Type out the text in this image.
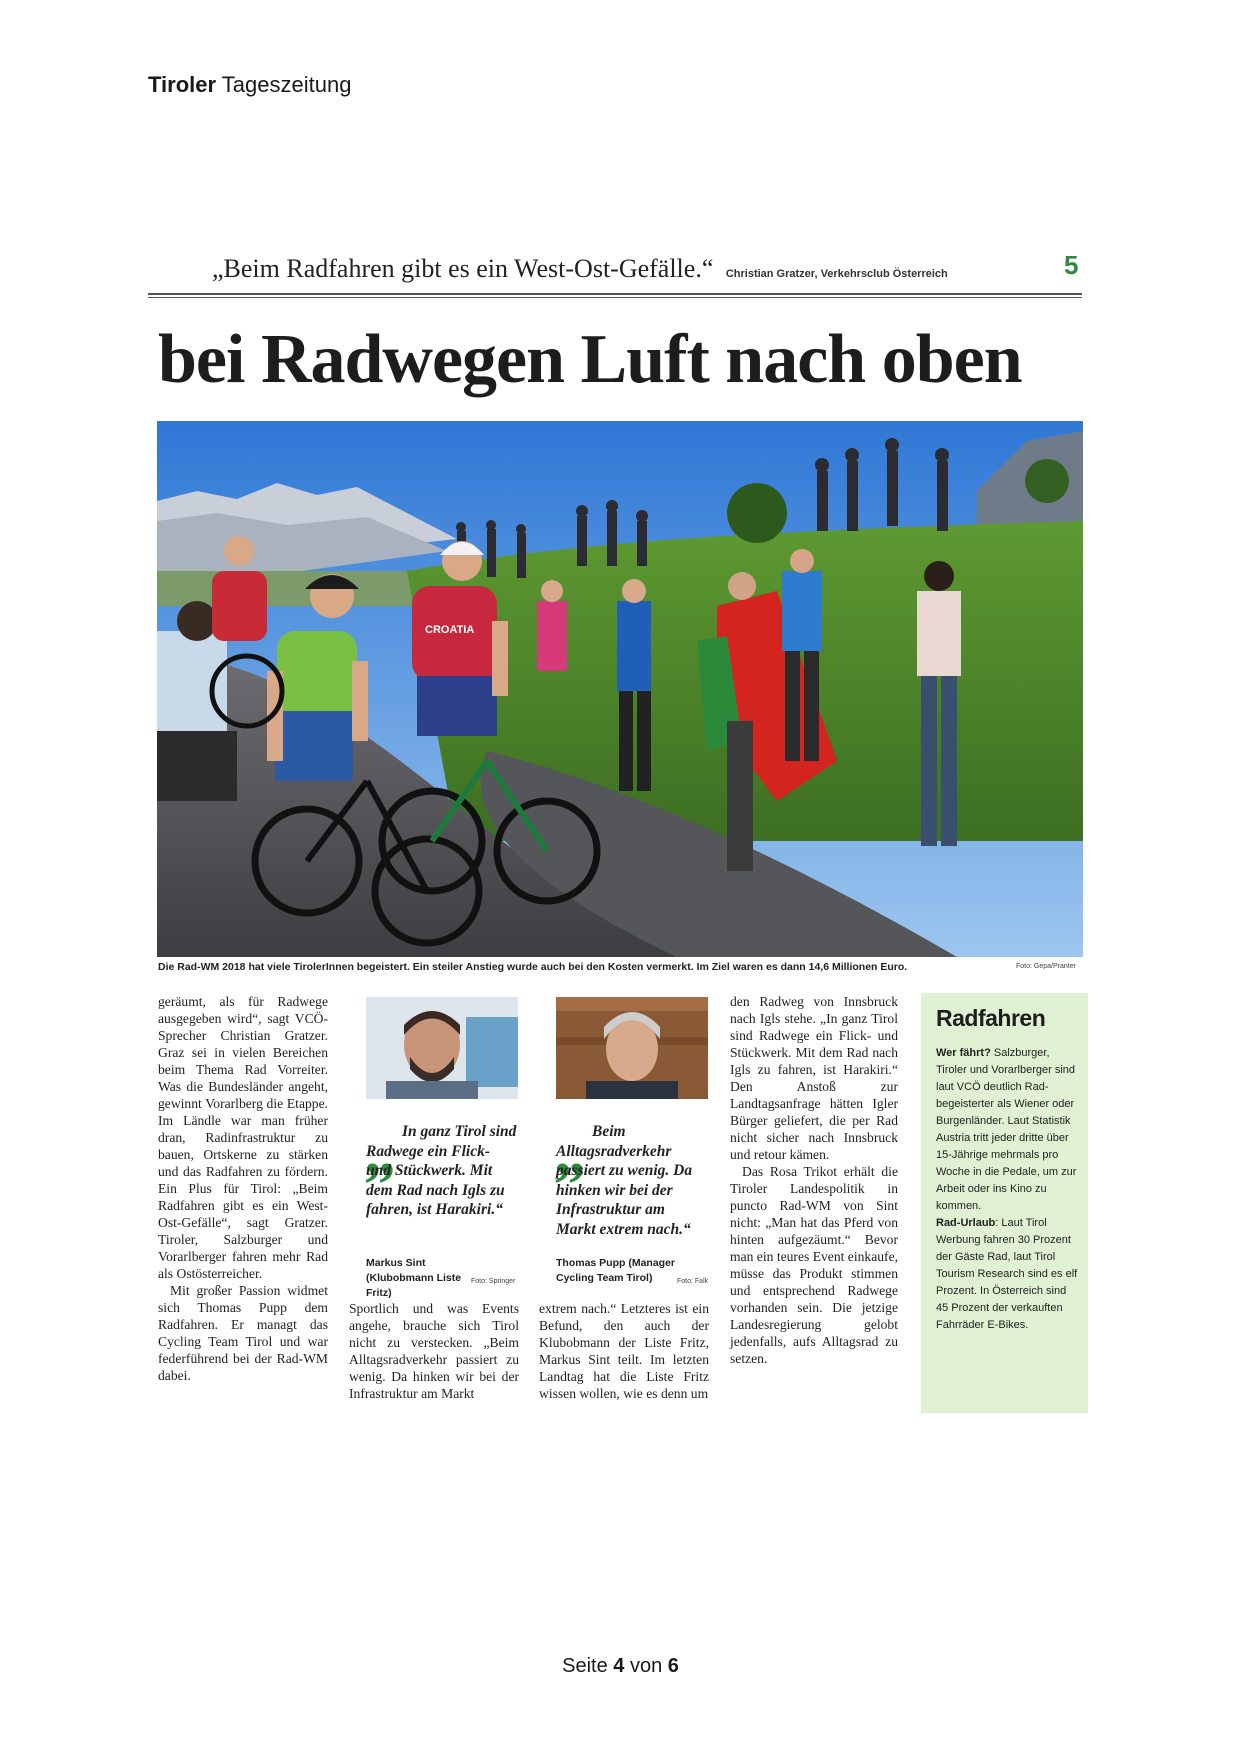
Tiroler Tageszeitung
„Beim Radfahren gibt es ein West-Ost-Gefälle.“ Christian Gratzer, Verkehrsclub Österreich	5
bei Radwegen Luft nach oben
CROATIA
Die Rad-WM 2018 hat viele TirolerInnen begeistert. Ein steiler Anstieg wurde auch bei den Kosten vermerkt. Im Ziel waren es dann 14,6 Millionen Euro.	Foto: Gepa/Pranter

geräumt, als für Radwege ausgegeben wird“, sagt VCÖ-Sprecher Christian Gratzer. Graz sei in vielen Bereichen beim Thema Rad Vorreiter. Was die Bundesländer angeht, gewinnt Vorarlberg die Etappe. Im Ländle war man früher dran, Radinfrastruktur zu bauen, Ortskerne zu stärken und das Radfahren zu fördern. Ein Plus für Tirol: „Beim Radfahren gibt es ein West-Ost-Gefälle“, sagt Gratzer. Tiroler, Salzburger und Vorarlberger fahren mehr Rad als Ostösterreicher.

Mit großer Passion widmet sich Thomas Pupp dem Radfahren. Er managt das Cycling Team Tirol und war federführend bei der Rad-WM dabei.

„ In ganz Tirol sind Radwege ein Flick- und Stückwerk. Mit dem Rad nach Igls zu fahren, ist Harakiri.“
Markus Sint (Klubobmann Liste Fritz)
Foto: Springer

Sportlich und was Events angehe, brauche sich Tirol nicht zu verstecken. „Beim Alltagsradverkehr passiert zu wenig. Da hinken wir bei der Infrastruktur am Markt

„ Beim Alltagsradverkehr passiert zu wenig. Da hinken wir bei der Infrastruktur am Markt extrem nach.“
Thomas Pupp (Manager Cycling Team Tirol)	Foto: Falk

extrem nach.“ Letzteres ist ein Befund, den auch der Klubobmann der Liste Fritz, Markus Sint teilt. Im letzten Landtag hat die Liste Fritz wissen wollen, wie es denn um

den Radweg von Innsbruck nach Igls stehe. „In ganz Tirol sind Radwege ein Flick- und Stückwerk. Mit dem Rad nach Igls zu fahren, ist Harakiri.“ Den Anstoß zur Landtagsanfrage hätten Igler Bürger geliefert, die per Rad nicht sicher nach Innsbruck und retour kämen.

Das Rosa Trikot erhält die Tiroler Landespolitik in puncto Rad-WM von Sint nicht: „Man hat das Pferd von hinten aufgezäumt.“ Bevor man ein teures Event einkaufe, müsse das Produkt stimmen und entsprechend Radwege vorhanden sein. Die jetzige Landesregierung gelobt jedenfalls, aufs Alltagsrad zu setzen.

Radfahren
Wer fährt? Salzburger, Tiroler und Vorarlberger sind laut VCÖ deutlich Rad-begeisterter als Wiener oder Burgenländer. Laut Statistik Austria tritt jeder dritte über 15-Jährige mehrmals pro Woche in die Pedale, um zur Arbeit oder ins Kino zu kommen.
Rad-Urlaub: Laut Tirol Werbung fahren 30 Prozent der Gäste Rad, laut Tirol Tourism Research sind es elf Prozent. In Österreich sind 45 Prozent der verkauften Fahrräder E-Bikes.
Seite 4 von 6
